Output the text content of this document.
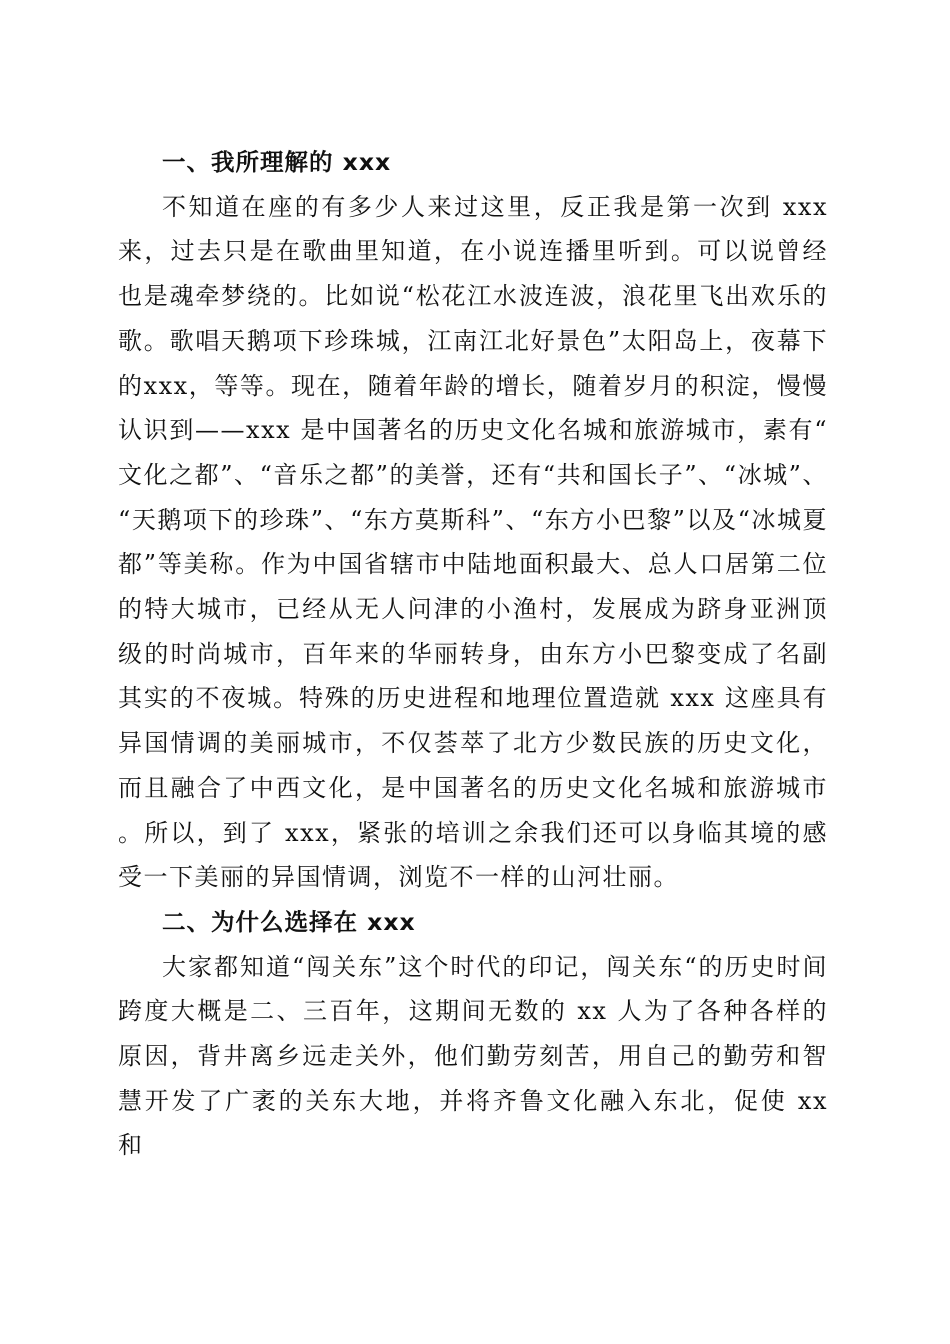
一、我所理解的 xxx

不知道在座的有多少人来过这里，反正我是第一次到 xxx 来，过去只是在歌曲里知道，在小说连播里听到。可以说曾经也是魂牵梦绕的。比如说“松花江水波连波，浪花里飞出欢乐的歌。歌唱天鹅项下珍珠城，江南江北好景色”太阳岛上，夜幕下的xxx，等等。现在，随着年龄的增长，随着岁月的积淀，慢慢认识到——xxx 是中国著名的历史文化名城和旅游城市，素有“文化之都”、“音乐之都”的美誉，还有“共和国长子”、“冰城”、“天鹅项下的珍珠”、“东方莫斯科”、“东方小巴黎”以及“冰城夏都”等美称。作为中国省辖市中陆地面积最大、总人口居第二位的特大城市，已经从无人问津的小渔村，发展成为跻身亚洲顶级的时尚城市，百年来的华丽转身，由东方小巴黎变成了名副其实的不夜城。特殊的历史进程和地理位置造就 xxx 这座具有异国情调的美丽城市，不仅荟萃了北方少数民族的历史文化，而且融合了中西文化，是中国著名的历史文化名城和旅游城市。所以，到了 xxx，紧张的培训之余我们还可以身临其境的感受一下美丽的异国情调，浏览不一样的山河壮丽。

二、为什么选择在 xxx

大家都知道“闯关东”这个时代的印记，闯关东“的历史时间跨度大概是二、三百年，这期间无数的 xx 人为了各种各样的原因，背井离乡远走关外，他们勤劳刻苦，用自己的勤劳和智慧开发了广袤的关东大地，并将齐鲁文化融入东北，促使 xx 和
